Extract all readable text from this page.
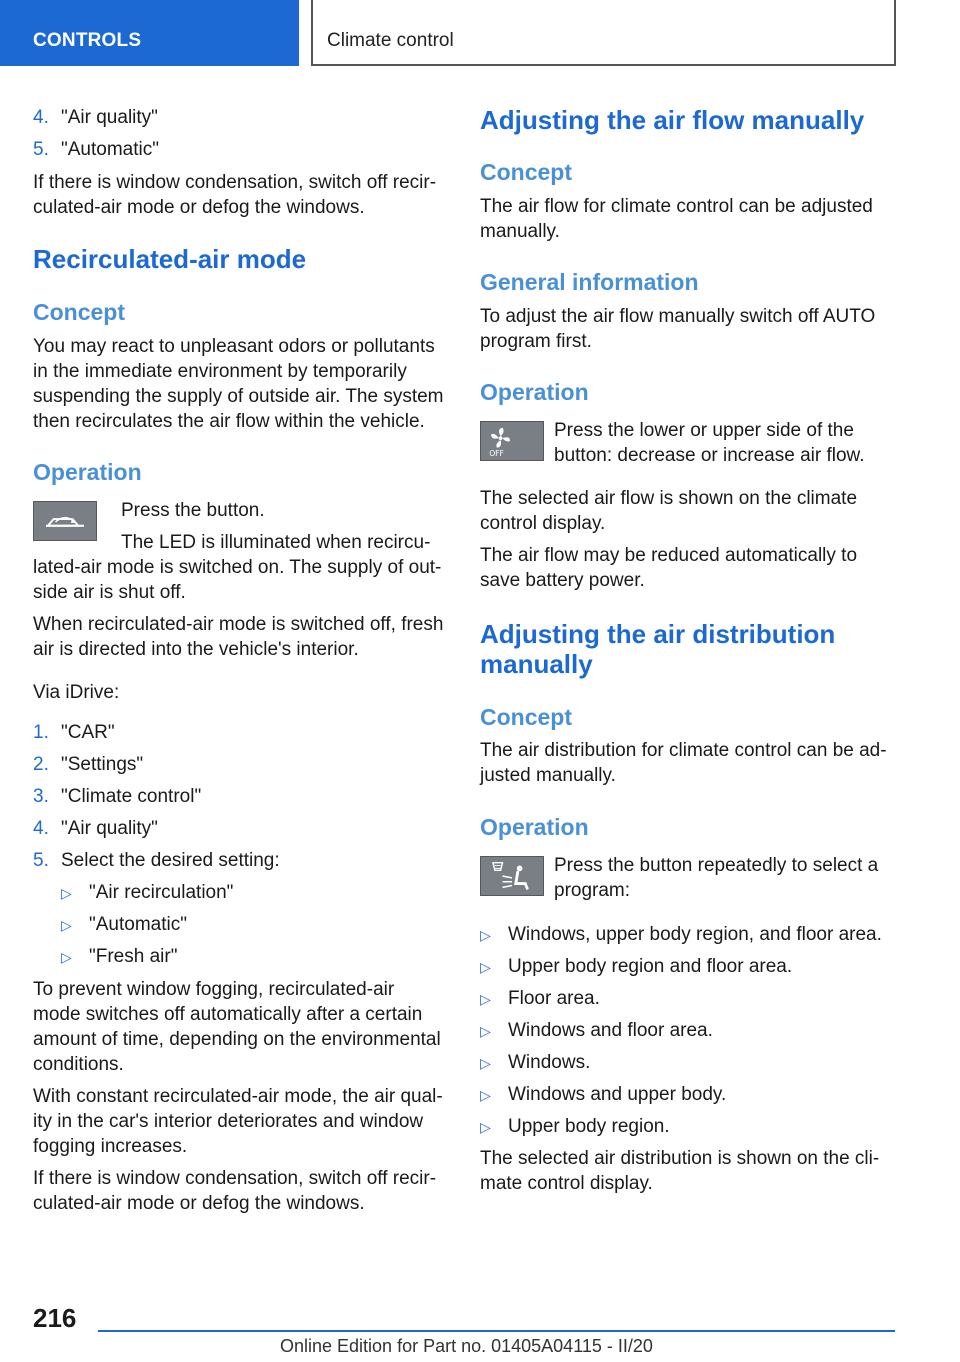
CONTROLS	Climate control
4. "Air quality"
5. "Automatic"
If there is window condensation, switch off recir-
culated-air mode or defog the windows.
Recirculated-air mode
Concept
You may react to unpleasant odors or pollutants
in the immediate environment by temporarily
suspending the supply of outside air. The system
then recirculates the air flow within the vehicle.
Operation
Press the button.
The LED is illuminated when recircu-
lated-air mode is switched on. The supply of out-
side air is shut off.
When recirculated-air mode is switched off, fresh
air is directed into the vehicle's interior.
Via iDrive:
1. "CAR"
2. "Settings"
3. "Climate control"
4. "Air quality"
5. Select the desired setting:
▷ "Air recirculation"
▷ "Automatic"
▷ "Fresh air"
To prevent window fogging, recirculated-air
mode switches off automatically after a certain
amount of time, depending on the environmental
conditions.
With constant recirculated-air mode, the air qual-
ity in the car's interior deteriorates and window
fogging increases.
If there is window condensation, switch off recir-
culated-air mode or defog the windows.
Adjusting the air flow manually
Concept
The air flow for climate control can be adjusted
manually.
General information
To adjust the air flow manually switch off AUTO
program first.
Operation
OFF
Press the lower or upper side of the
button: decrease or increase air flow.
The selected air flow is shown on the climate
control display.
The air flow may be reduced automatically to
save battery power.
Adjusting the air distribution
manually
Concept
The air distribution for climate control can be ad-
justed manually.
Operation
Press the button repeatedly to select a
program:
▷ Windows, upper body region, and floor area.
▷ Upper body region and floor area.
▷ Floor area.
▷ Windows and floor area.
▷ Windows.
▷ Windows and upper body.
▷ Upper body region.
The selected air distribution is shown on the cli-
mate control display.
216
Online Edition for Part no. 01405A04115 - II/20
